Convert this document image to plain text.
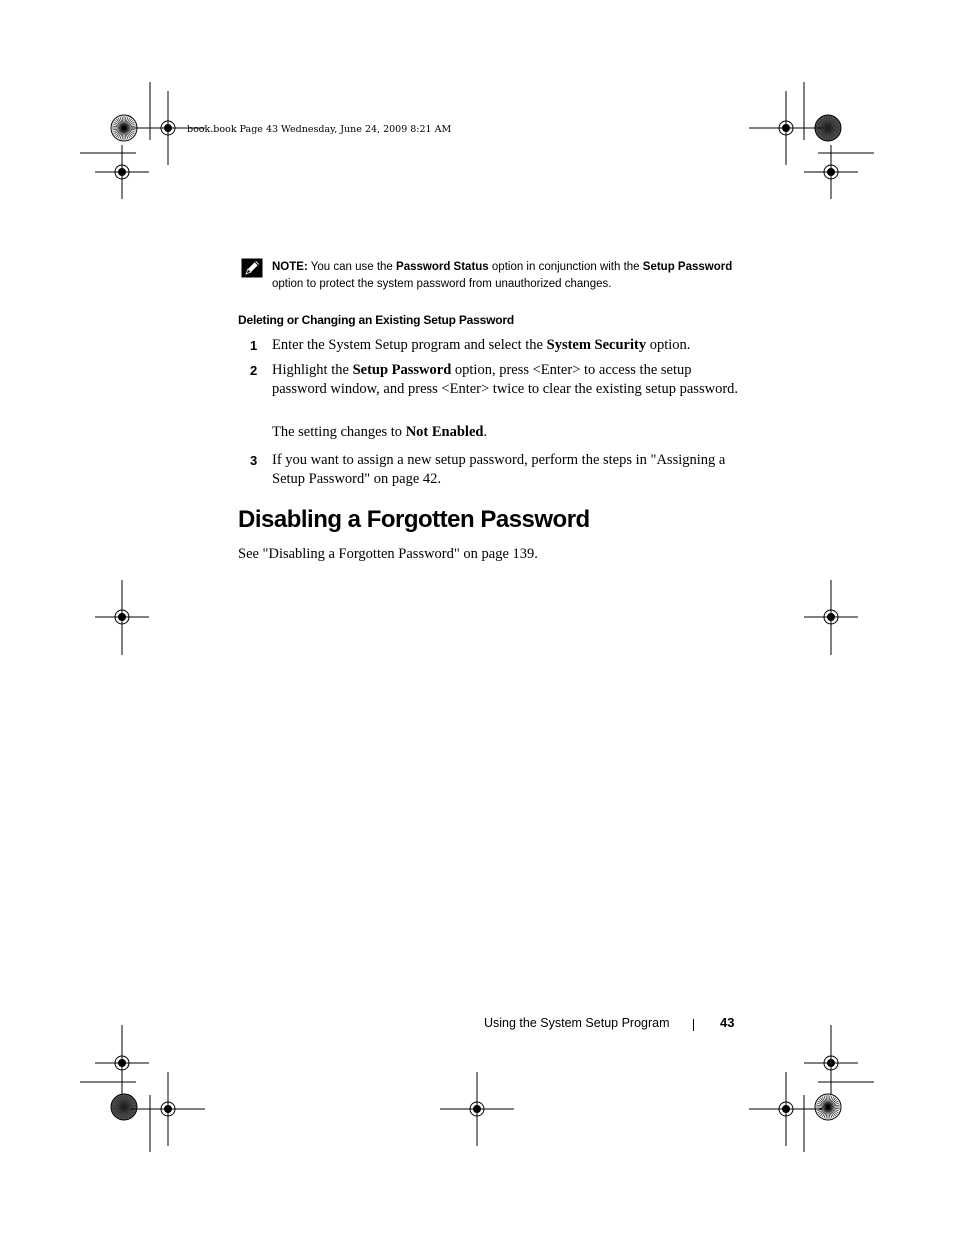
book.book Page 43 Wednesday, June 24, 2009 8:21 AM
NOTE: You can use the Password Status option in conjunction with the Setup Password option to protect the system password from unauthorized changes.
Deleting or Changing an Existing Setup Password
1 Enter the System Setup program and select the System Security option.
2 Highlight the Setup Password option, press <Enter> to access the setup password window, and press <Enter> twice to clear the existing setup password.
The setting changes to Not Enabled.
3 If you want to assign a new setup password, perform the steps in "Assigning a Setup Password" on page 42.
Disabling a Forgotten Password
See "Disabling a Forgotten Password" on page 139.
Using the System Setup Program	43
